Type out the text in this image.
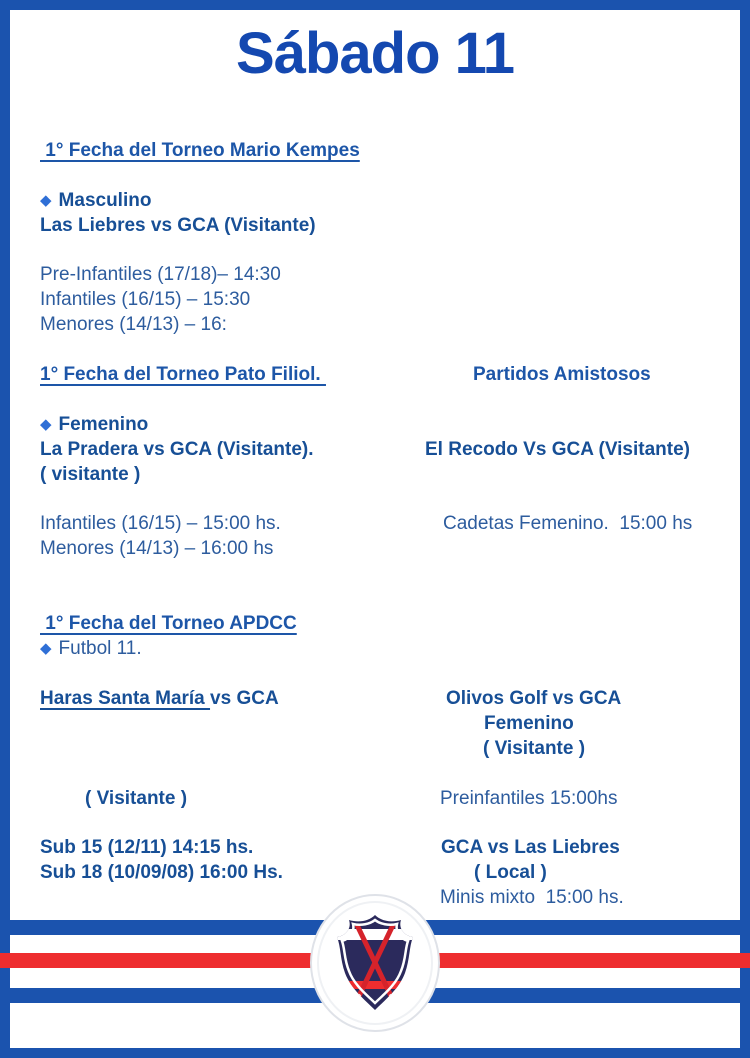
Sábado 11
1° Fecha del Torneo Mario Kempes
◆ Masculino
Las Liebres vs GCA (Visitante)
Pre-Infantiles (17/18)– 14:30
Infantiles (16/15) – 15:30
Menores (14/13) – 16:
1° Fecha del Torneo Pato Filiol.	Partidos Amistosos
◆ Femenino
La Pradera vs GCA (Visitante).	El Recodo Vs GCA (Visitante)
( visitante )
Infantiles (16/15) – 15:00 hs.	Cadetas Femenino.  15:00 hs
Menores (14/13) – 16:00 hs
1° Fecha del Torneo APDCC
◆ Futbol 11.
Haras Santa María vs GCA	Olivos Golf vs GCA
Femenino
( Visitante )
( Visitante )	Preinfantiles 15:00hs
Sub 15 (12/11) 14:15 hs.	GCA vs Las Liebres
Sub 18 (10/09/08) 16:00 Hs.	( Local )
Minis mixto  15:00 hs.
